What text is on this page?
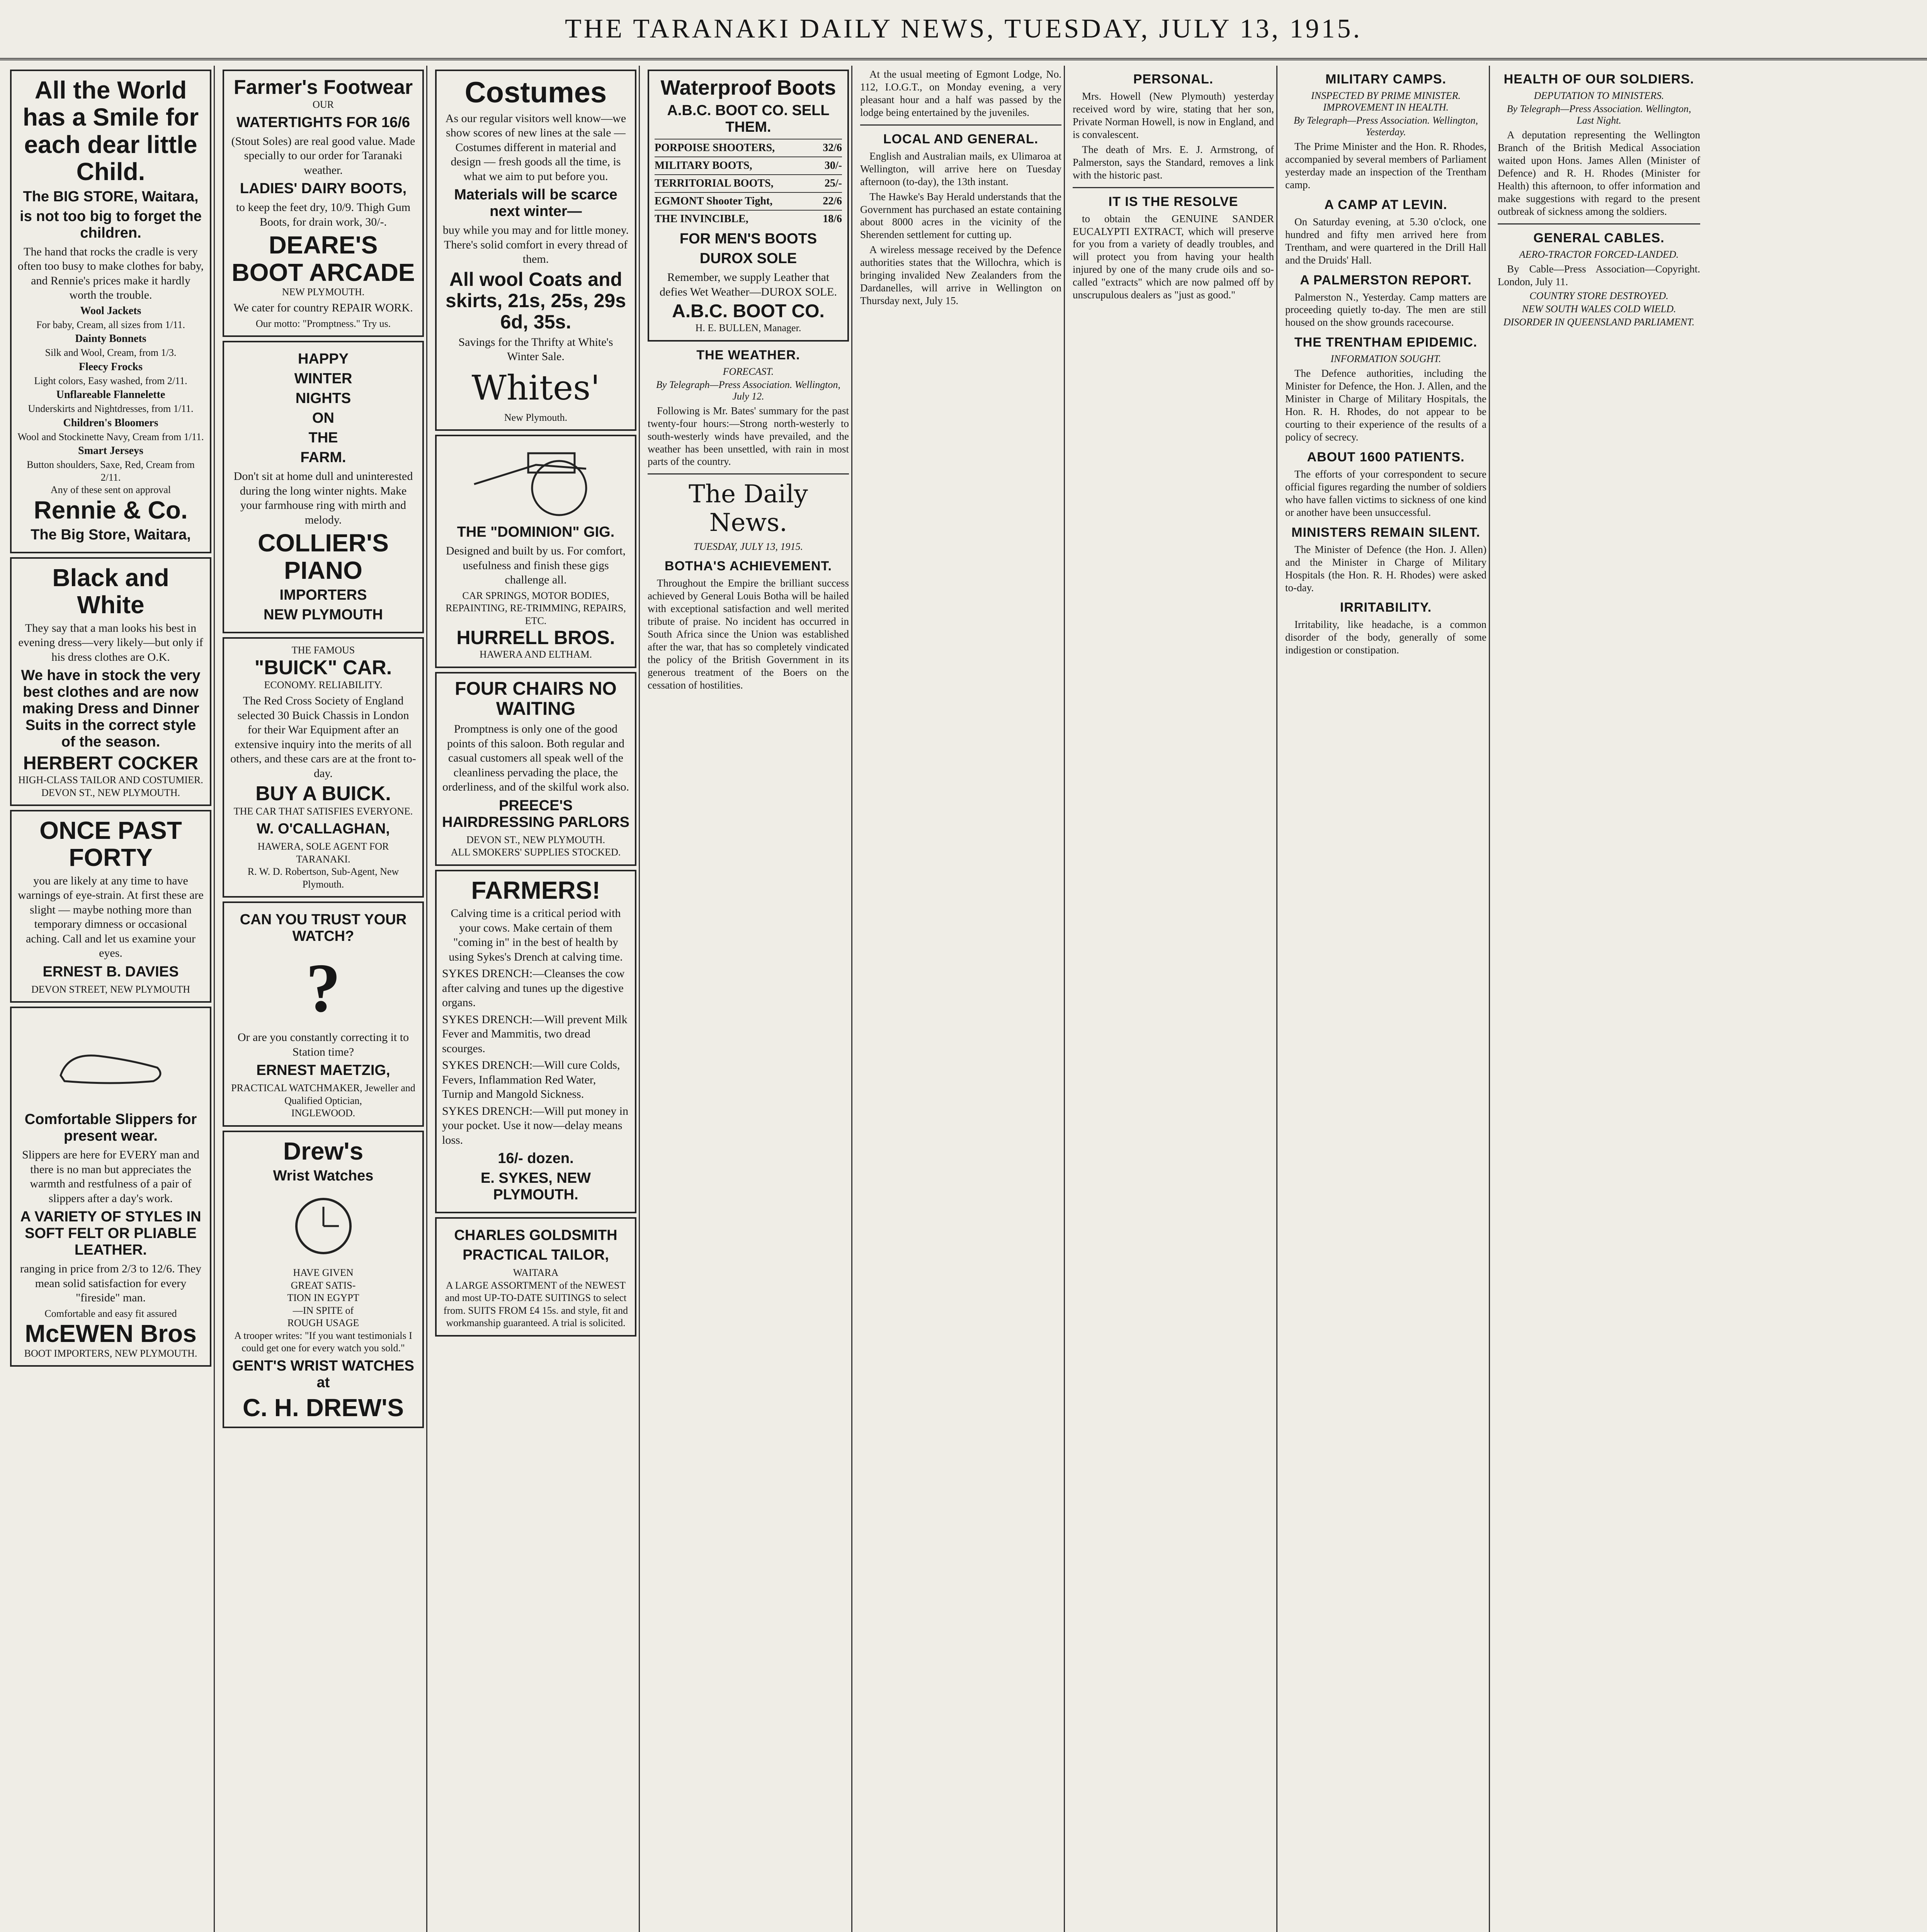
THE TARANAKI DAILY NEWS, TUESDAY, JULY 13, 1915.
All the World has a Smile for each dear little Child.
The BIG STORE, Waitara,
is not too big to forget the children.
The hand that rocks the cradle is very often too busy to make clothes for baby, and Rennie's prices make it hardly worth the trouble.
Wool Jackets
For baby, Cream, all sizes from 1/11.
Dainty Bonnets
Silk and Wool, Cream, from 1/3.
Fleecy Frocks
Light colors, Easy washed, from 2/11.
Unflareable Flannelette
Underskirts and Nightdresses, from 1/11.
Children's Bloomers
Wool and Stockinette Navy, Cream from 1/11.
Smart Jerseys
Button shoulders, Saxe, Red, Cream from 2/11.
Any of these sent on approval
Rennie & Co.
The Big Store, Waitara,
Black and White
They say that a man looks his best in evening dress—very likely—but only if his dress clothes are O.K.
We have in stock the very best clothes and are now making Dress and Dinner Suits in the correct style of the season.
HERBERT COCKER
HIGH-CLASS TAILOR AND COSTUMIER.
DEVON ST., NEW PLYMOUTH.
ONCE PAST FORTY
you are likely at any time to have warnings of eye-strain. At first these are slight — maybe nothing more than temporary dimness or occasional aching. Call and let us examine your eyes.
ERNEST B. DAVIES
DEVON STREET, NEW PLYMOUTH
Comfortable Slippers for present wear.
Slippers are here for EVERY man and there is no man but appreciates the warmth and restfulness of a pair of slippers after a day's work.
A VARIETY OF STYLES IN SOFT FELT OR PLIABLE LEATHER.
ranging in price from 2/3 to 12/6. They mean solid satisfaction for every "fireside" man.
Comfortable and easy fit assured
McEWEN Bros
BOOT IMPORTERS, NEW PLYMOUTH.
Farmer's Footwear
OUR
WATERTIGHTS FOR 16/6
(Stout Soles) are real good value. Made specially to our order for Taranaki weather.
LADIES' DAIRY BOOTS,
to keep the feet dry, 10/9. Thigh Gum Boots, for drain work, 30/-.
DEARE'S
BOOT ARCADE
NEW PLYMOUTH.
We cater for country REPAIR WORK.
Our motto: "Promptness." Try us.
HAPPY
WINTER
NIGHTS
ON
THE
FARM.
Don't sit at home dull and uninterested during the long winter nights. Make your farmhouse ring with mirth and melody.
COLLIER'S
PIANO
IMPORTERS
NEW PLYMOUTH
THE FAMOUS
"BUICK" CAR.
ECONOMY. RELIABILITY.
The Red Cross Society of England selected 30 Buick Chassis in London for their War Equipment after an extensive inquiry into the merits of all others, and these cars are at the front to-day.
BUY A BUICK.
THE CAR THAT SATISFIES EVERYONE.
W. O'CALLAGHAN,
HAWERA, SOLE AGENT FOR TARANAKI.
R. W. D. Robertson, Sub-Agent, New Plymouth.
CAN YOU TRUST YOUR WATCH?
?
Or are you constantly correcting it to Station time?
ERNEST MAETZIG,
PRACTICAL WATCHMAKER, Jeweller and Qualified Optician,
INGLEWOOD.
Drew's
Wrist Watches
HAVE GIVEN
GREAT SATIS-
TION IN EGYPT
—IN SPITE of
ROUGH USAGE
A trooper writes: "If you want testimonials I could get one for every watch you sold."
GENT'S WRIST WATCHES at
C. H. DREW'S
Costumes
As our regular visitors well know—we show scores of new lines at the sale — Costumes different in material and design — fresh goods all the time, is what we aim to put before you.
Materials will be scarce next winter—
buy while you may and for little money. There's solid comfort in every thread of them.
All wool Coats and skirts, 21s, 25s, 29s 6d, 35s.
Savings for the Thrifty at White's Winter Sale.
Whites'
New Plymouth.
THE "DOMINION" GIG.
Designed and built by us. For comfort, usefulness and finish these gigs challenge all.
CAR SPRINGS, MOTOR BODIES, REPAINTING, RE-TRIMMING, REPAIRS, ETC.
HURRELL BROS.
HAWERA AND ELTHAM.
FOUR CHAIRS NO WAITING
Promptness is only one of the good points of this saloon. Both regular and casual customers all speak well of the cleanliness pervading the place, the orderliness, and of the skilful work also.
PREECE'S HAIRDRESSING PARLORS
DEVON ST., NEW PLYMOUTH.
ALL SMOKERS' SUPPLIES STOCKED.
FARMERS!
Calving time is a critical period with your cows. Make certain of them "coming in" in the best of health by using Sykes's Drench at calving time.
SYKES DRENCH:—Cleanses the cow after calving and tunes up the digestive organs.
SYKES DRENCH:—Will prevent Milk Fever and Mammitis, two dread scourges.
SYKES DRENCH:—Will cure Colds, Fevers, Inflammation Red Water, Turnip and Mangold Sickness.
SYKES DRENCH:—Will put money in your pocket. Use it now—delay means loss.
16/- dozen.
E. SYKES, NEW PLYMOUTH.
CHARLES GOLDSMITH
PRACTICAL TAILOR,
WAITARA
A LARGE ASSORTMENT of the NEWEST and most UP-TO-DATE SUITINGS to select from. SUITS FROM £4 15s. and style, fit and workmanship guaranteed. A trial is solicited.
Waterproof Boots
A.B.C. BOOT CO. SELL THEM.
PORPOISE SHOOTERS,	32/6
MILITARY BOOTS,	30/-
TERRITORIAL BOOTS,	25/-
EGMONT Shooter Tight,	22/6
THE INVINCIBLE,	18/6
FOR MEN'S BOOTS
DUROX SOLE
Remember, we supply Leather that defies Wet Weather—DUROX SOLE.
A.B.C. BOOT CO.
H. E. BULLEN, Manager.
THE WEATHER.
FORECAST.
By Telegraph—Press Association. Wellington, July 12.
Following is Mr. Bates' summary for the past twenty-four hours:—Strong north-westerly to south-westerly winds have prevailed, and the weather has been unsettled, with rain in most parts of the country.
The Daily News.
TUESDAY, JULY 13, 1915.
BOTHA'S ACHIEVEMENT.
Throughout the Empire the brilliant success achieved by General Louis Botha will be hailed with exceptional satisfaction and well merited tribute of praise. No incident has occurred in South Africa since the Union was established after the war, that has so completely vindicated the policy of the British Government in its generous treatment of the Boers on the cessation of hostilities.
At the usual meeting of Egmont Lodge, No. 112, I.O.G.T., on Monday evening, a very pleasant hour and a half was passed by the lodge being entertained by the juveniles.
LOCAL AND GENERAL.
English and Australian mails, ex Ulimaroa at Wellington, will arrive here on Tuesday afternoon (to-day), the 13th instant.
The Hawke's Bay Herald understands that the Government has purchased an estate containing about 8000 acres in the vicinity of the Sherenden settlement for cutting up.
A wireless message received by the Defence authorities states that the Willochra, which is bringing invalided New Zealanders from the Dardanelles, will arrive in Wellington on Thursday next, July 15.
PERSONAL.
Mrs. Howell (New Plymouth) yesterday received word by wire, stating that her son, Private Norman Howell, is now in England, and is convalescent.
The death of Mrs. E. J. Armstrong, of Palmerston, says the Standard, removes a link with the historic past.
IT IS THE RESOLVE
to obtain the GENUINE SANDER EUCALYPTI EXTRACT, which will preserve for you from a variety of deadly troubles, and will protect you from having your health injured by one of the many crude oils and so-called "extracts" which are now palmed off by unscrupulous dealers as "just as good."
MILITARY CAMPS.
INSPECTED BY PRIME MINISTER. IMPROVEMENT IN HEALTH.
By Telegraph—Press Association. Wellington, Yesterday.
The Prime Minister and the Hon. R. Rhodes, accompanied by several members of Parliament yesterday made an inspection of the Trentham camp.
A CAMP AT LEVIN.
On Saturday evening, at 5.30 o'clock, one hundred and fifty men arrived here from Trentham, and were quartered in the Drill Hall and the Druids' Hall.
A PALMERSTON REPORT.
Palmerston N., Yesterday. Camp matters are proceeding quietly to-day. The men are still housed on the show grounds racecourse.
THE TRENTHAM EPIDEMIC.
INFORMATION SOUGHT.
The Defence authorities, including the Minister for Defence, the Hon. J. Allen, and the Minister in Charge of Military Hospitals, the Hon. R. H. Rhodes, do not appear to be courting to their experience of the results of a policy of secrecy.
ABOUT 1600 PATIENTS.
The efforts of your correspondent to secure official figures regarding the number of soldiers who have fallen victims to sickness of one kind or another have been unsuccessful.
MINISTERS REMAIN SILENT.
The Minister of Defence (the Hon. J. Allen) and the Minister in Charge of Military Hospitals (the Hon. R. H. Rhodes) were asked to-day.
IRRITABILITY.
Irritability, like headache, is a common disorder of the body, generally of some indigestion or constipation.
HEALTH OF OUR SOLDIERS.
DEPUTATION TO MINISTERS.
By Telegraph—Press Association. Wellington, Last Night.
A deputation representing the Wellington Branch of the British Medical Association waited upon Hons. James Allen (Minister of Defence) and R. H. Rhodes (Minister for Health) this afternoon, to offer information and make suggestions with regard to the present outbreak of sickness among the soldiers.
GENERAL CABLES.
AERO-TRACTOR FORCED-LANDED.
By Cable—Press Association—Copyright. London, July 11.
COUNTRY STORE DESTROYED.
NEW SOUTH WALES COLD WIELD.
DISORDER IN QUEENSLAND PARLIAMENT.
